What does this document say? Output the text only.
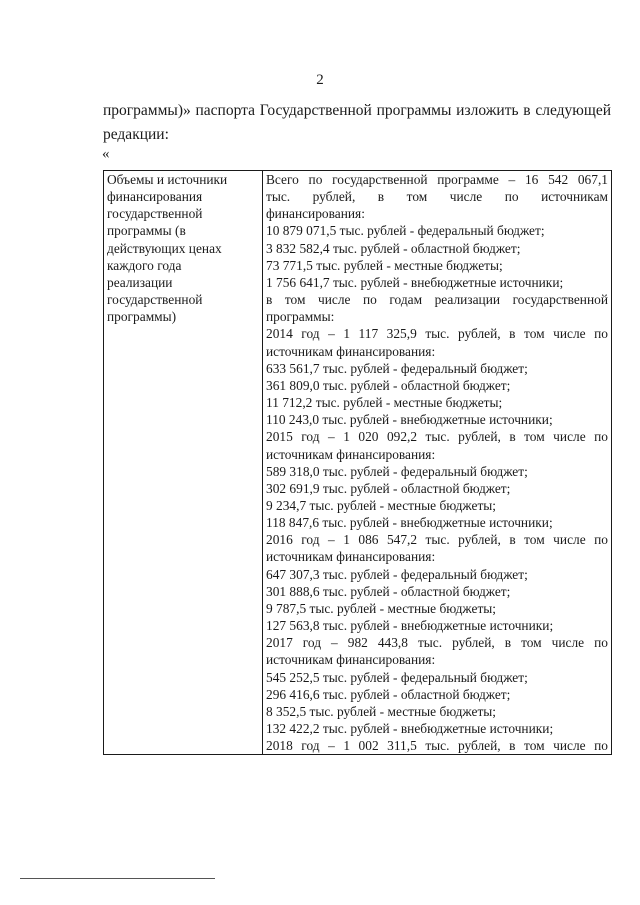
2
программы)» паспорта Государственной программы изложить в следующей
редакции:
«
Объемы и источники
финансирования
государственной
программы (в
действующих ценах
каждого года
реализации
государственной
программы)

Всего по государственной программе – 16 542 067,1
тыс. рублей, в том числе по источникам
финансирования:
10 879 071,5 тыс. рублей - федеральный бюджет;
3 832 582,4 тыс. рублей - областной бюджет;
73 771,5 тыс. рублей - местные бюджеты;
1 756 641,7 тыс. рублей - внебюджетные источники;
в том числе по годам реализации государственной
программы:
2014 год – 1 117 325,9 тыс. рублей, в том числе по
источникам финансирования:
633 561,7 тыс. рублей - федеральный бюджет;
361 809,0 тыс. рублей - областной бюджет;
11 712,2 тыс. рублей - местные бюджеты;
110 243,0 тыс. рублей - внебюджетные источники;
2015 год – 1 020 092,2 тыс. рублей, в том числе по
источникам финансирования:
589 318,0 тыс. рублей - федеральный бюджет;
302 691,9 тыс. рублей - областной бюджет;
9 234,7 тыс. рублей - местные бюджеты;
118 847,6 тыс. рублей - внебюджетные источники;
2016 год – 1 086 547,2 тыс. рублей, в том числе по
источникам финансирования:
647 307,3 тыс. рублей - федеральный бюджет;
301 888,6 тыс. рублей - областной бюджет;
9 787,5 тыс. рублей - местные бюджеты;
127 563,8 тыс. рублей - внебюджетные источники;
2017 год – 982 443,8 тыс. рублей, в том числе по
источникам финансирования:
545 252,5 тыс. рублей - федеральный бюджет;
296 416,6 тыс. рублей - областной бюджет;
8 352,5 тыс. рублей - местные бюджеты;
132 422,2 тыс. рублей - внебюджетные источники;
2018 год – 1 002 311,5 тыс. рублей, в том числе по
